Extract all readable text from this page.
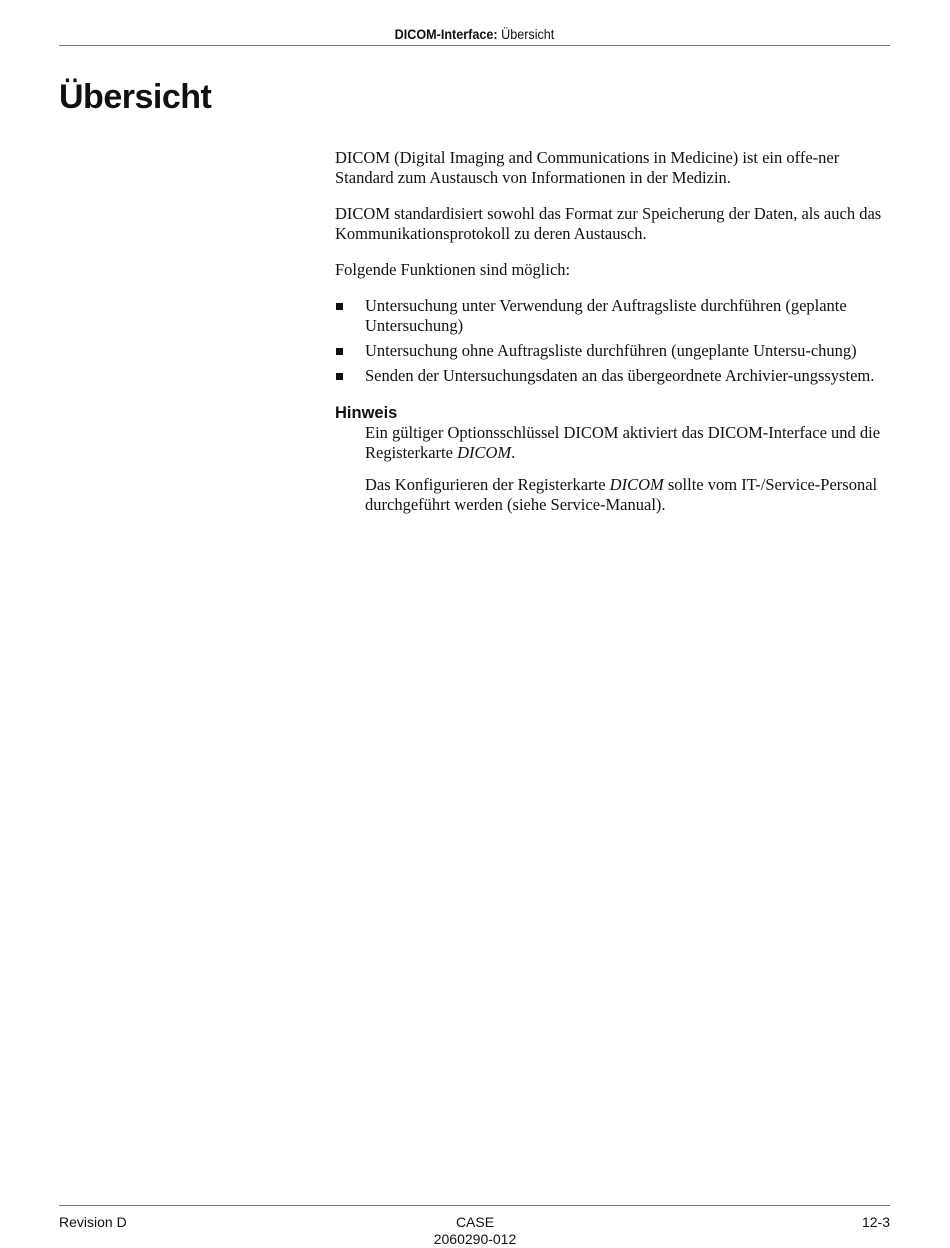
DICOM-Interface: Übersicht
Übersicht

DICOM (Digital Imaging and Communications in Medicine) ist ein offe-ner Standard zum Austausch von Informationen in der Medizin.

DICOM standardisiert sowohl das Format zur Speicherung der Daten, als auch das Kommunikationsprotokoll zu deren Austausch.

Folgende Funktionen sind möglich:

Untersuchung unter Verwendung der Auftragsliste durchführen (geplante Untersuchung)
Untersuchung ohne Auftragsliste durchführen (ungeplante Untersu-chung)
Senden der Untersuchungsdaten an das übergeordnete Archivier-ungssystem.
Hinweis

Ein gültiger Optionsschlüssel DICOM aktiviert das DICOM-Interface und die Registerkarte DICOM.

Das Konfigurieren der Registerkarte DICOM sollte vom IT-/Service-Personal durchgeführt werden (siehe Service-Manual).

Revision D	CASE
2060290-012
12-3
